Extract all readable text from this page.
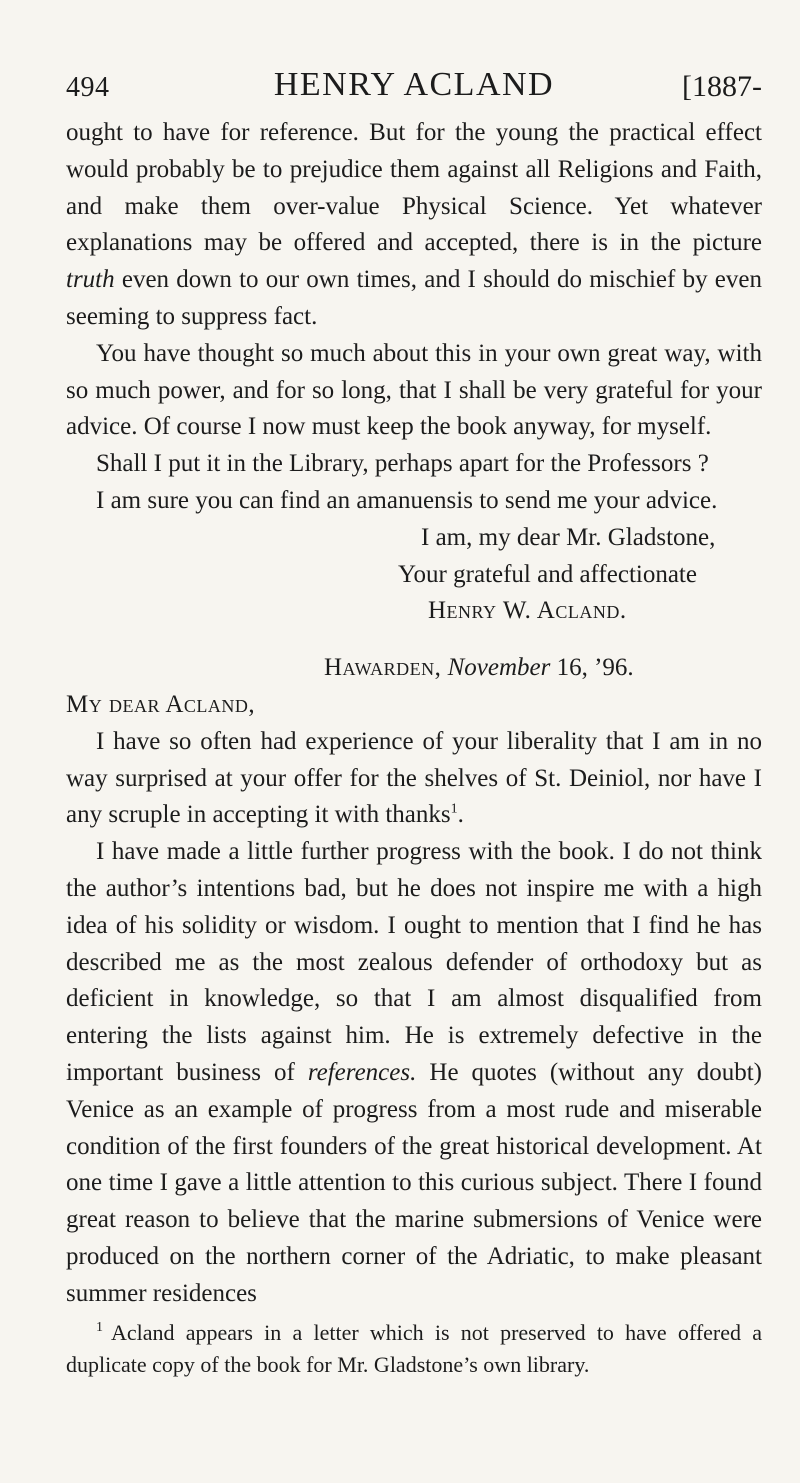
494	HENRY ACLAND	[1887-

ought to have for reference. But for the young the practical effect would probably be to prejudice them against all Religions and Faith, and make them over-value Physical Science. Yet whatever explanations may be offered and accepted, there is in the picture truth even down to our own times, and I should do mischief by even seeming to suppress fact.

You have thought so much about this in your own great way, with so much power, and for so long, that I shall be very grateful for your advice. Of course I now must keep the book anyway, for myself.

Shall I put it in the Library, perhaps apart for the Professors ?

I am sure you can find an amanuensis to send me your advice.

I am, my dear Mr. Gladstone,

Your grateful and affectionate

Henry W. Acland.

Hawarden, November 16, ’96.

My dear Acland,

I have so often had experience of your liberality that I am in no way surprised at your offer for the shelves of St. Deiniol, nor have I any scruple in accepting it with thanks$^1$.

I have made a little further progress with the book. I do not think the author’s intentions bad, but he does not inspire me with a high idea of his solidity or wisdom. I ought to mention that I find he has described me as the most zealous defender of orthodoxy but as deficient in knowledge, so that I am almost disqualified from entering the lists against him. He is extremely defective in the important business of references. He quotes (without any doubt) Venice as an example of progress from a most rude and miserable condition of the first founders of the great historical development. At one time I gave a little attention to this curious subject. There I found great reason to believe that the marine submersions of Venice were produced on the northern corner of the Adriatic, to make pleasant summer residences

$^1$ Acland appears in a letter which is not preserved to have offered a duplicate copy of the book for Mr. Gladstone’s own library.
